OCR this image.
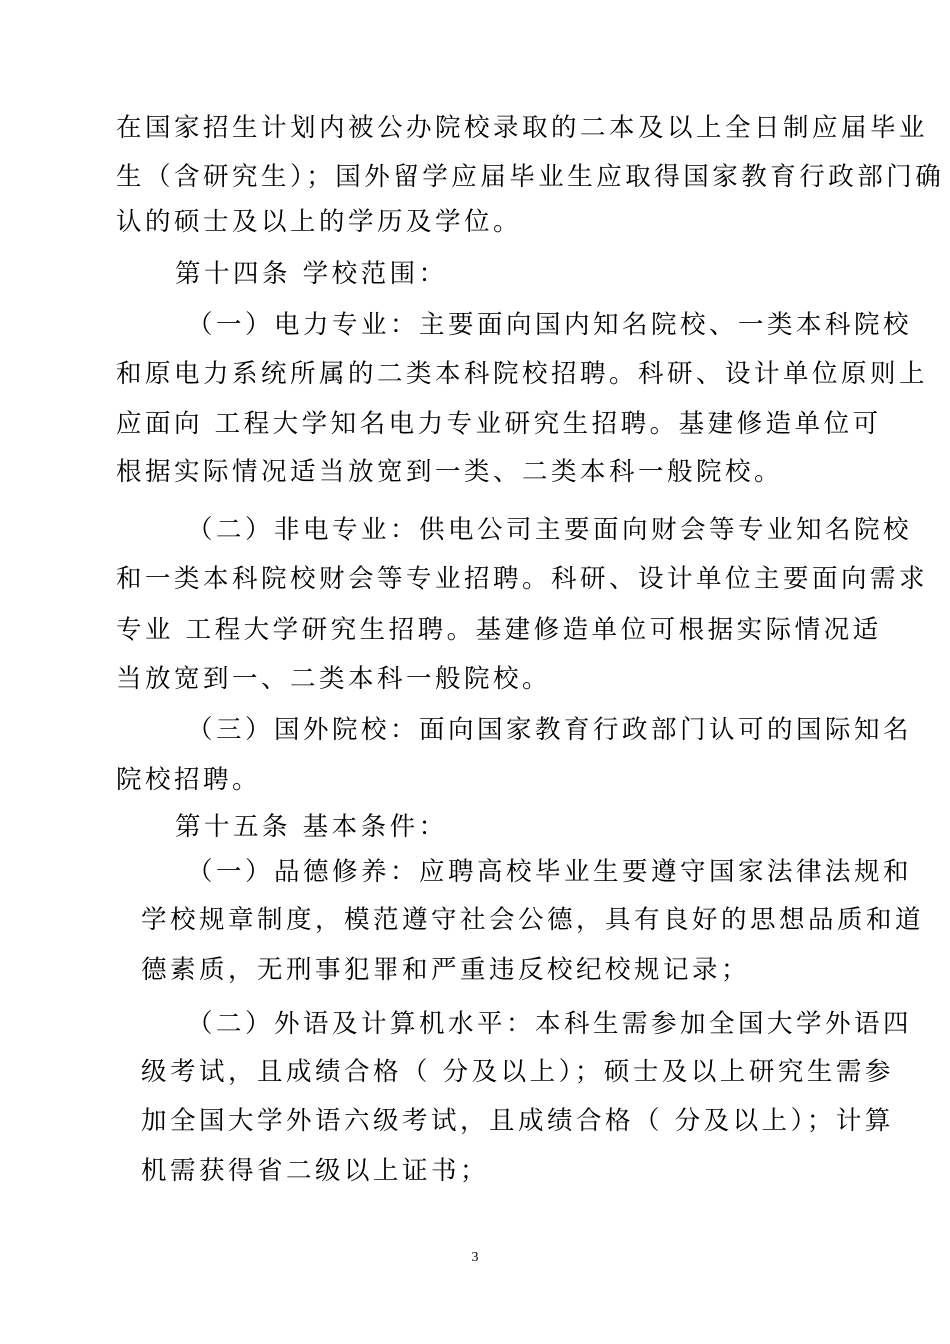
在国家招生计划内被公办院校录取的二本及以上全日制应届毕业

生（含研究生）；国外留学应届毕业生应取得国家教育行政部门确

认的硕士及以上的学历及学位。

第十四条 学校范围：

（一）电力专业：主要面向国内知名院校、一类本科院校

和原电力系统所属的二类本科院校招聘。科研、设计单位原则上

应面向 工程大学知名电力专业研究生招聘。基建修造单位可

根据实际情况适当放宽到一类、二类本科一般院校。

（二）非电专业：供电公司主要面向财会等专业知名院校

和一类本科院校财会等专业招聘。科研、设计单位主要面向需求

专业 工程大学研究生招聘。基建修造单位可根据实际情况适

当放宽到一、二类本科一般院校。

（三）国外院校：面向国家教育行政部门认可的国际知名

院校招聘。

第十五条 基本条件：

（一）品德修养：应聘高校毕业生要遵守国家法律法规和

学校规章制度，模范遵守社会公德，具有良好的思想品质和道

德素质，无刑事犯罪和严重违反校纪校规记录；

（二）外语及计算机水平：本科生需参加全国大学外语四

级考试，且成绩合格（ 分及以上）；硕士及以上研究生需参

加全国大学外语六级考试，且成绩合格（ 分及以上）；计算

机需获得省二级以上证书；

3
